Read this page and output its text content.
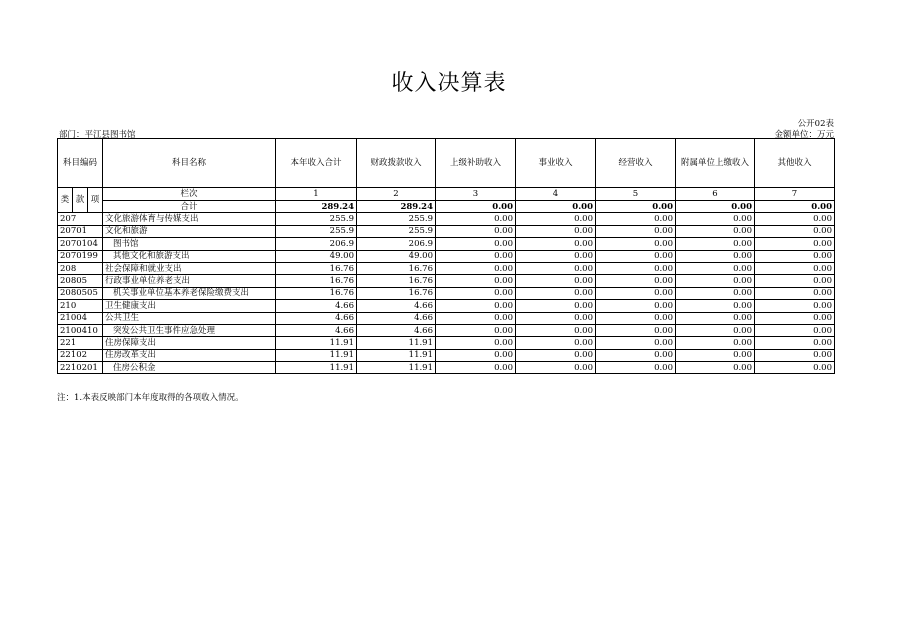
收入决算表
公开02表
部门：平江县图书馆	金额单位：万元
科目编码			科目名称	本年收入合计	财政拨款收入	上级补助收入	事业收入	经营收入	附属单位上缴收入	其他收入
类	款	项	栏次	1	2	3	4	5	6	7
			合计	289.24	289.24	0.00	0.00	0.00	0.00	0.00
207			文化旅游体育与传媒支出	255.9	255.9	0.00	0.00	0.00	0.00	0.00
20701			文化和旅游	255.9	255.9	0.00	0.00	0.00	0.00	0.00
2070104			图书馆	206.9	206.9	0.00	0.00	0.00	0.00	0.00
2070199			其他文化和旅游支出	49.00	49.00	0.00	0.00	0.00	0.00	0.00
208			社会保障和就业支出	16.76	16.76	0.00	0.00	0.00	0.00	0.00
20805			行政事业单位养老支出	16.76	16.76	0.00	0.00	0.00	0.00	0.00
2080505			机关事业单位基本养老保险缴费支出	16.76	16.76	0.00	0.00	0.00	0.00	0.00
210			卫生健康支出	4.66	4.66	0.00	0.00	0.00	0.00	0.00
21004			公共卫生	4.66	4.66	0.00	0.00	0.00	0.00	0.00
2100410			突发公共卫生事件应急处理	4.66	4.66	0.00	0.00	0.00	0.00	0.00
221			住房保障支出	11.91	11.91	0.00	0.00	0.00	0.00	0.00
22102			住房改革支出	11.91	11.91	0.00	0.00	0.00	0.00	0.00
2210201			住房公积金	11.91	11.91	0.00	0.00	0.00	0.00	0.00
注：1.本表反映部门本年度取得的各项收入情况。
